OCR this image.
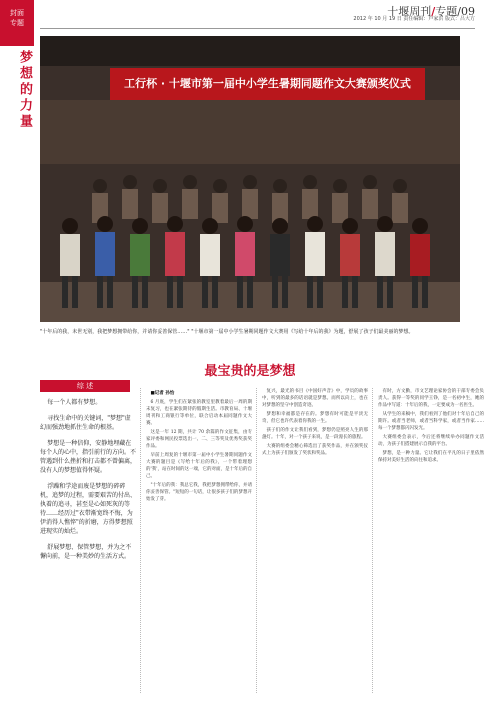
封面
专题
梦想的力量
十堰周刊/专题/09
2012 年 10 月 19 日 责任编辑：卢家洪 版式：吕大方
工行杯 · 十堰市第一届中小学生暑期同题作文大赛颁奖仪式
"十年后的我，未世无别，我把梦想拥带给你，并请你妥善保管……" "十堰市第一届中小学生暑期同题作文大赛用《写给十年后的我》为题，舒展了孩子们最美丽的梦想。
最宝贵的是梦想
综 述

每一个人都有梦想。

寻找生命中的关键词，"梦想"虚幻而强劲地抓住生命的根基。

梦想是一种信仰，安静地埋藏在每个人的心中，指引前行的方向。不管遇到什么挫折和打击都不曾偏离，没有人的梦想值得怀疑。

浮躁和学途而废是梦想的碎碎机，追梦的过程，需要艰苦的付出、执着的追寻，甚至是心如死灰的等待……经历过"衣带渐宽终不悔，为伊消得人憔悴"的折磨，方得梦想照进现实的灿烂。

舒展梦想、保管梦想，并为之不懈向前，是一种美妙的生活方式。

■记者 孙怡

6 月底，学生们在紧张的教室里教着最后一周的期末复习，也在紧张期待的假期生活。市教育局、十堰周刊和工商银行等单位，联合启动本届同题作文大赛。

这是一年 12 期，共计 70 余篇的作文征集，由专家评委和网民投票选出一、二、三等奖及优秀奖获奖作品。

早前上周复的十堰市第一届中小学生暑期同题作文大赛的题目是《写给十年后的我》，一个带着理想的'我'，站在时间的这一端，它的对面，是十年后的自己。

"十年后的我：我总它我，我把梦想拥带给你，并请你妥善保管。"短短的一句话，让很多孩子们的梦想开始发了芽。

复兴，最光的书目《中国好声音》中，学员的故事中，听到的最多的话语就是梦想。而所以向上，也在对梦想的坚守中创造奇迹。

梦想和幸福都是存在的。梦想有时可能是平淡无奇，但它也许代表着你我的一生。

孩子们的作文让我们看到，梦想仍是照亮人生的那盏灯。十年，对一个孩子来说，是一段漫长的旅程。

大赛的组委会精心筛选出了获奖作品，并在颁奖仪式上为孩子们颁发了奖状和奖品。

有时，方文勤，市文艺理论家协会的干部专委会负责人。获得一等奖的同学王铮，是一名初中生，她的作品中写道：十年后的我，一定要成为一名医生。

从学生的来稿中，我们看到了他们对十年后自己的期许。或者当老师，或者当科学家，或者当作家……每一个梦想都闪闪发光。

大赛组委会表示，今后还将继续举办同题作文活动，为孩子们搭建展示自我的平台。

梦想，是一种力量。它让我们在平凡的日子里依然保持对美好生活的向往和追求。
